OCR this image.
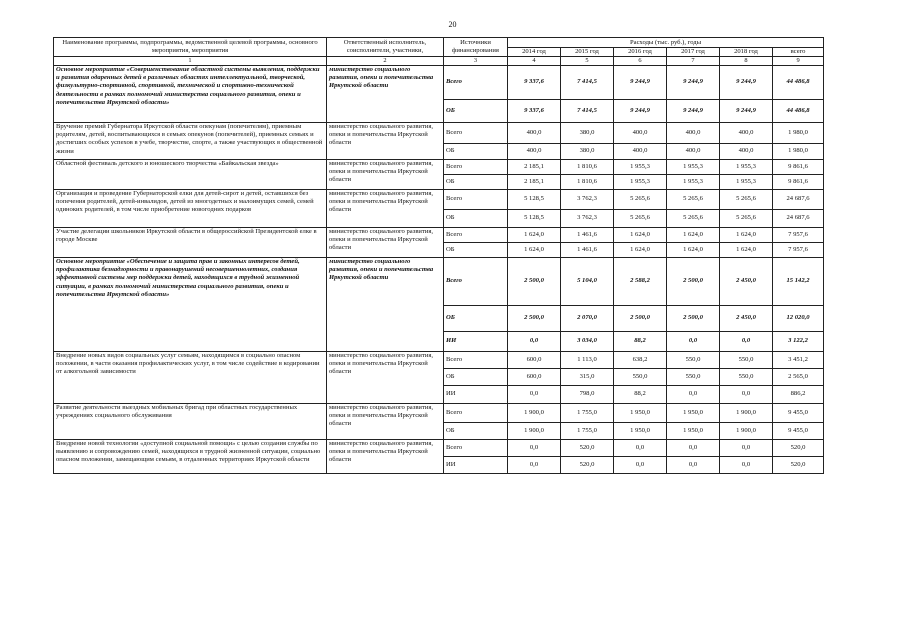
20
Наименование программы, подпрограммы, ведомственной целевой программы, основного мероприятия, мероприятия	Ответственный исполнитель, соисполнители, участники,	Источники финансирования	Расходы (тыс. руб.), годы					
			2014 год	2015 год	2016 год	2017 год	2018 год	всего
1	2	3	4	5	6	7	8	9
Основное мероприятие «Совершенствование областной системы выявления, поддержки и развития одаренных детей в различных областях интеллектуальной, творческой, физкультурно-спортивной, спортивной, технической и спортивно-технической деятельности в рамках полномочий министерства социального развития, опеки и попечительства Иркутской области»	министерство социального развития, опеки и попечительства Иркутской области	Всего	9 337,6	7 414,5	9 244,9	9 244,9	9 244,9	44 486,8
		ОБ	9 337,6	7 414,5	9 244,9	9 244,9	9 244,9	44 486,8
Вручение премий Губернатора Иркутской области опекунам (попечителям), приемным родителям, детей, воспитывающихся в семьях опекунов (попечителей), приемных семьях и достигших особых успехов в учебе, творчестве, спорте, а также участвующих в общественной жизни	министерство социального развития, опеки и попечительства Иркутской области	Всего	400,0	380,0	400,0	400,0	400,0	1 980,0
		ОБ	400,0	380,0	400,0	400,0	400,0	1 980,0
Областной фестиваль детского и юношеского творчества «Байкальская звезда»	министерство социального развития, опеки и попечительства Иркутской области	Всего	2 185,1	1 810,6	1 955,3	1 955,3	1 955,3	9 861,6
		ОБ	2 185,1	1 810,6	1 955,3	1 955,3	1 955,3	9 861,6
Организация и проведение Губернаторской елки для детей-сирот и детей, оставшихся без попечения родителей, детей-инвалидов, детей из многодетных и малоимущих семей, семей одиноких родителей, в том числе приобретение новогодних подарков	министерство социального развития, опеки и попечительства Иркутской области	Всего	5 128,5	3 762,3	5 265,6	5 265,6	5 265,6	24 687,6
		ОБ	5 128,5	3 762,3	5 265,6	5 265,6	5 265,6	24 687,6
Участие делегации школьников Иркутской области в общероссийской Президентской елке в городе Москве	министерство социального развития, опеки и попечительства Иркутской области	Всего	1 624,0	1 461,6	1 624,0	1 624,0	1 624,0	7 957,6
		ОБ	1 624,0	1 461,6	1 624,0	1 624,0	1 624,0	7 957,6
Основное мероприятие «Обеспечение и защита прав и законных интересов детей, профилактика безнадзорности и правонарушений несовершеннолетних, создания эффективной системы мер поддержки детей, находящихся в трудной жизненной ситуации, в рамках полномочий министерства социального развития, опеки и попечительства Иркутской области»	министерство социального развития, опеки и попечительства Иркутской области	Всего	2 500,0	5 104,0	2 588,2	2 500,0	2 450,0	15 142,2
		ОБ	2 500,0	2 070,0	2 500,0	2 500,0	2 450,0	12 020,0
		ИИ	0,0	3 034,0	88,2	0,0	0,0	3 122,2
Внедрение новых видов социальных услуг семьям, находящимся в социально опасном положении, в части оказания профилактических услуг, в том числе содействие в кодировании от алкогольной зависимости	министерство социального развития, опеки и попечительства Иркутской области	Всего	600,0	1 113,0	638,2	550,0	550,0	3 451,2
		ОБ	600,0	315,0	550,0	550,0	550,0	2 565,0
		ИИ	0,0	798,0	88,2	0,0	0,0	886,2
Развитие деятельности выездных мобильных бригад при областных государственных учреждениях социального обслуживания	министерство социального развития, опеки и попечительства Иркутской области	Всего	1 900,0	1 755,0	1 950,0	1 950,0	1 900,0	9 455,0
		ОБ	1 900,0	1 755,0	1 950,0	1 950,0	1 900,0	9 455,0
Внедрение новой технологии «доступной социальной помощи» с целью создания службы по выявлению и сопровождению семей, находящихся в трудной жизненной ситуации, социально опасном положении, замещающим семьям, в отдаленных территориях Иркутской области	министерство социального развития, опеки и попечительства Иркутской области	Всего	0,0	520,0	0,0	0,0	0,0	520,0
		ИИ	0,0	520,0	0,0	0,0	0,0	520,0
